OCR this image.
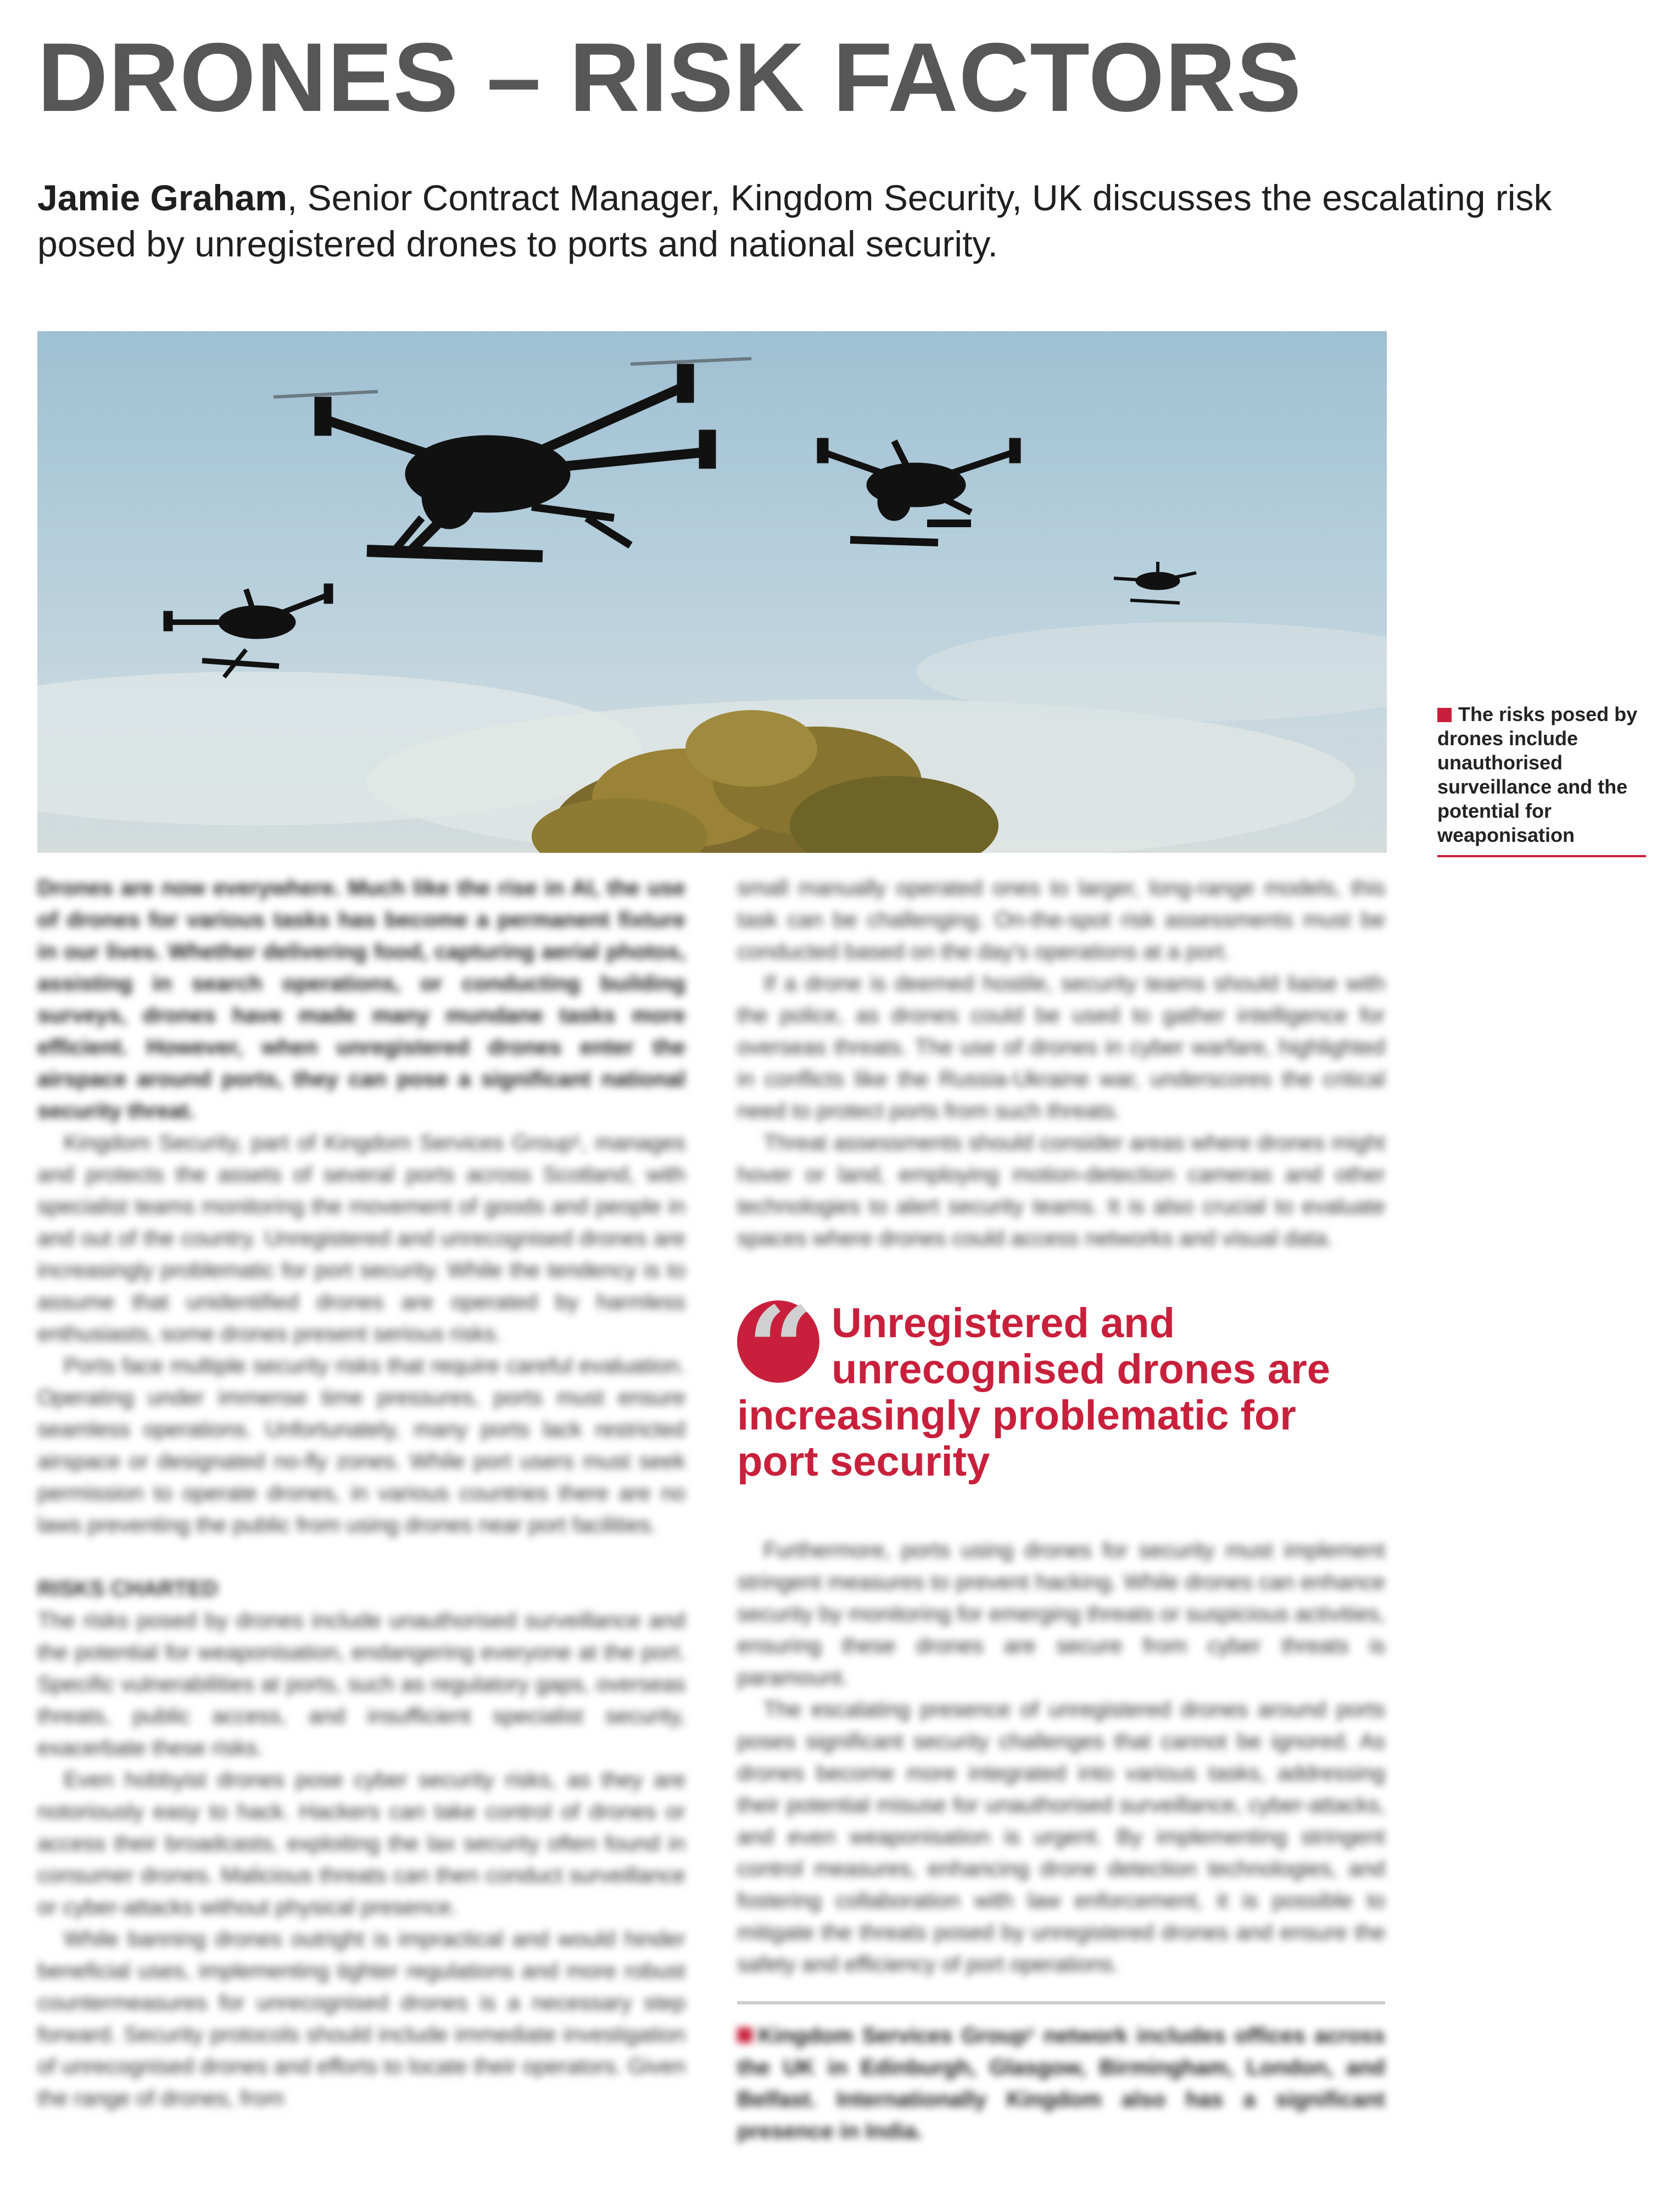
DRONES – RISK FACTORS
Jamie Graham, Senior Contract Manager, Kingdom Security, UK discusses the escalating risk posed by unregistered drones to ports and national security.
The risks posed by drones include unauthorised surveillance and the potential for weaponisation

Drones are now everywhere. Much like the rise in AI, the use of drones for various tasks has become a permanent fixture in our lives. Whether delivering food, capturing aerial photos, assisting in search operations, or conducting building surveys, drones have made many mundane tasks more efficient. However, when unregistered drones enter the airspace around ports, they can pose a significant national security threat.

Kingdom Security, part of Kingdom Services Group¹, manages and protects the assets of several ports across Scotland, with specialist teams monitoring the movement of goods and people in and out of the country. Unregistered and unrecognised drones are increasingly problematic for port security. While the tendency is to assume that unidentified drones are operated by harmless enthusiasts, some drones present serious risks.

Ports face multiple security risks that require careful evaluation. Operating under immense time pressures, ports must ensure seamless operations. Unfortunately, many ports lack restricted airspace or designated no-fly zones. While port users must seek permission to operate drones, in various countries there are no laws preventing the public from using drones near port facilities.

RISKS CHARTED

The risks posed by drones include unauthorised surveillance and the potential for weaponisation, endangering everyone at the port. Specific vulnerabilities at ports, such as regulatory gaps, overseas threats, public access, and insufficient specialist security, exacerbate these risks.

Even hobbyist drones pose cyber security risks, as they are notoriously easy to hack. Hackers can take control of drones or access their broadcasts, exploiting the lax security often found in consumer drones. Malicious threats can then conduct surveillance or cyber-attacks without physical presence.

While banning drones outright is impractical and would hinder beneficial uses, implementing tighter regulations and more robust countermeasures for unrecognised drones is a necessary step forward. Security protocols should include immediate investigation of unrecognised drones and efforts to locate their operators. Given the range of drones, from

small manually operated ones to larger, long-range models, this task can be challenging. On-the-spot risk assessments must be conducted based on the day's operations at a port.

If a drone is deemed hostile, security teams should liaise with the police, as drones could be used to gather intelligence for overseas threats. The use of drones in cyber warfare, highlighted in conflicts like the Russia-Ukraine war, underscores the critical need to protect ports from such threats.

Threat assessments should consider areas where drones might hover or land, employing motion-detection cameras and other technologies to alert security teams. It is also crucial to evaluate spaces where drones could access networks and visual data.

“ Unregistered and
unrecognised drones are
increasingly problematic for port security

Furthermore, ports using drones for security must implement stringent measures to prevent hacking. While drones can enhance security by monitoring for emerging threats or suspicious activities, ensuring these drones are secure from cyber threats is paramount.

The escalating presence of unregistered drones around ports poses significant security challenges that cannot be ignored. As drones become more integrated into various tasks, addressing their potential misuse for unauthorised surveillance, cyber-attacks, and even weaponisation is urgent. By implementing stringent control measures, enhancing drone detection technologies, and fostering collaboration with law enforcement, it is possible to mitigate the threats posed by unregistered drones and ensure the safety and efficiency of port operations.

Kingdom Services Group¹ network includes offices across the UK in Edinburgh, Glasgow, Birmingham, London, and Belfast. Internationally Kingdom also has a significant presence in India.
